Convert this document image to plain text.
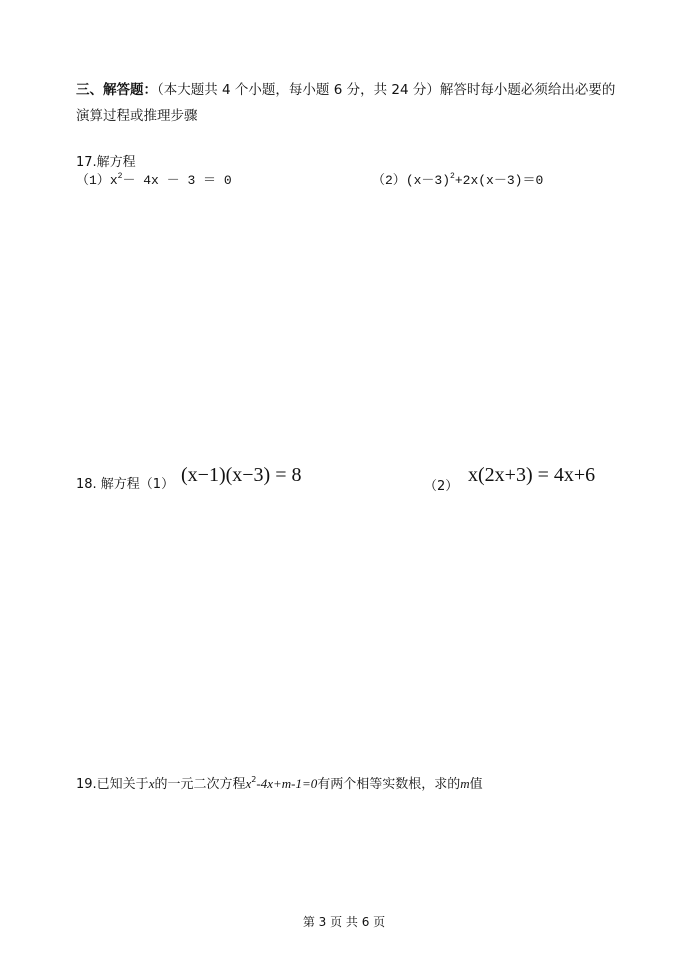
三、解答题：（本大题共 4 个小题，每小题 6 分，共 24 分）解答时每小题必须给出必要的
演算过程或推理步骤
17.解方程
$(1)x^2- 4x - 3 = 0$	$(2)(x-3)^2+2x(x-3)=0$
18. 解方程（1） (x−1)(x−3) = 8
（2）
x(2x+3) = 4x+6
19.已知关于x的一元二次方程$x^2-4x+m-1=0$有两个相等实数根，求的m值
第 3 页 共 6 页
